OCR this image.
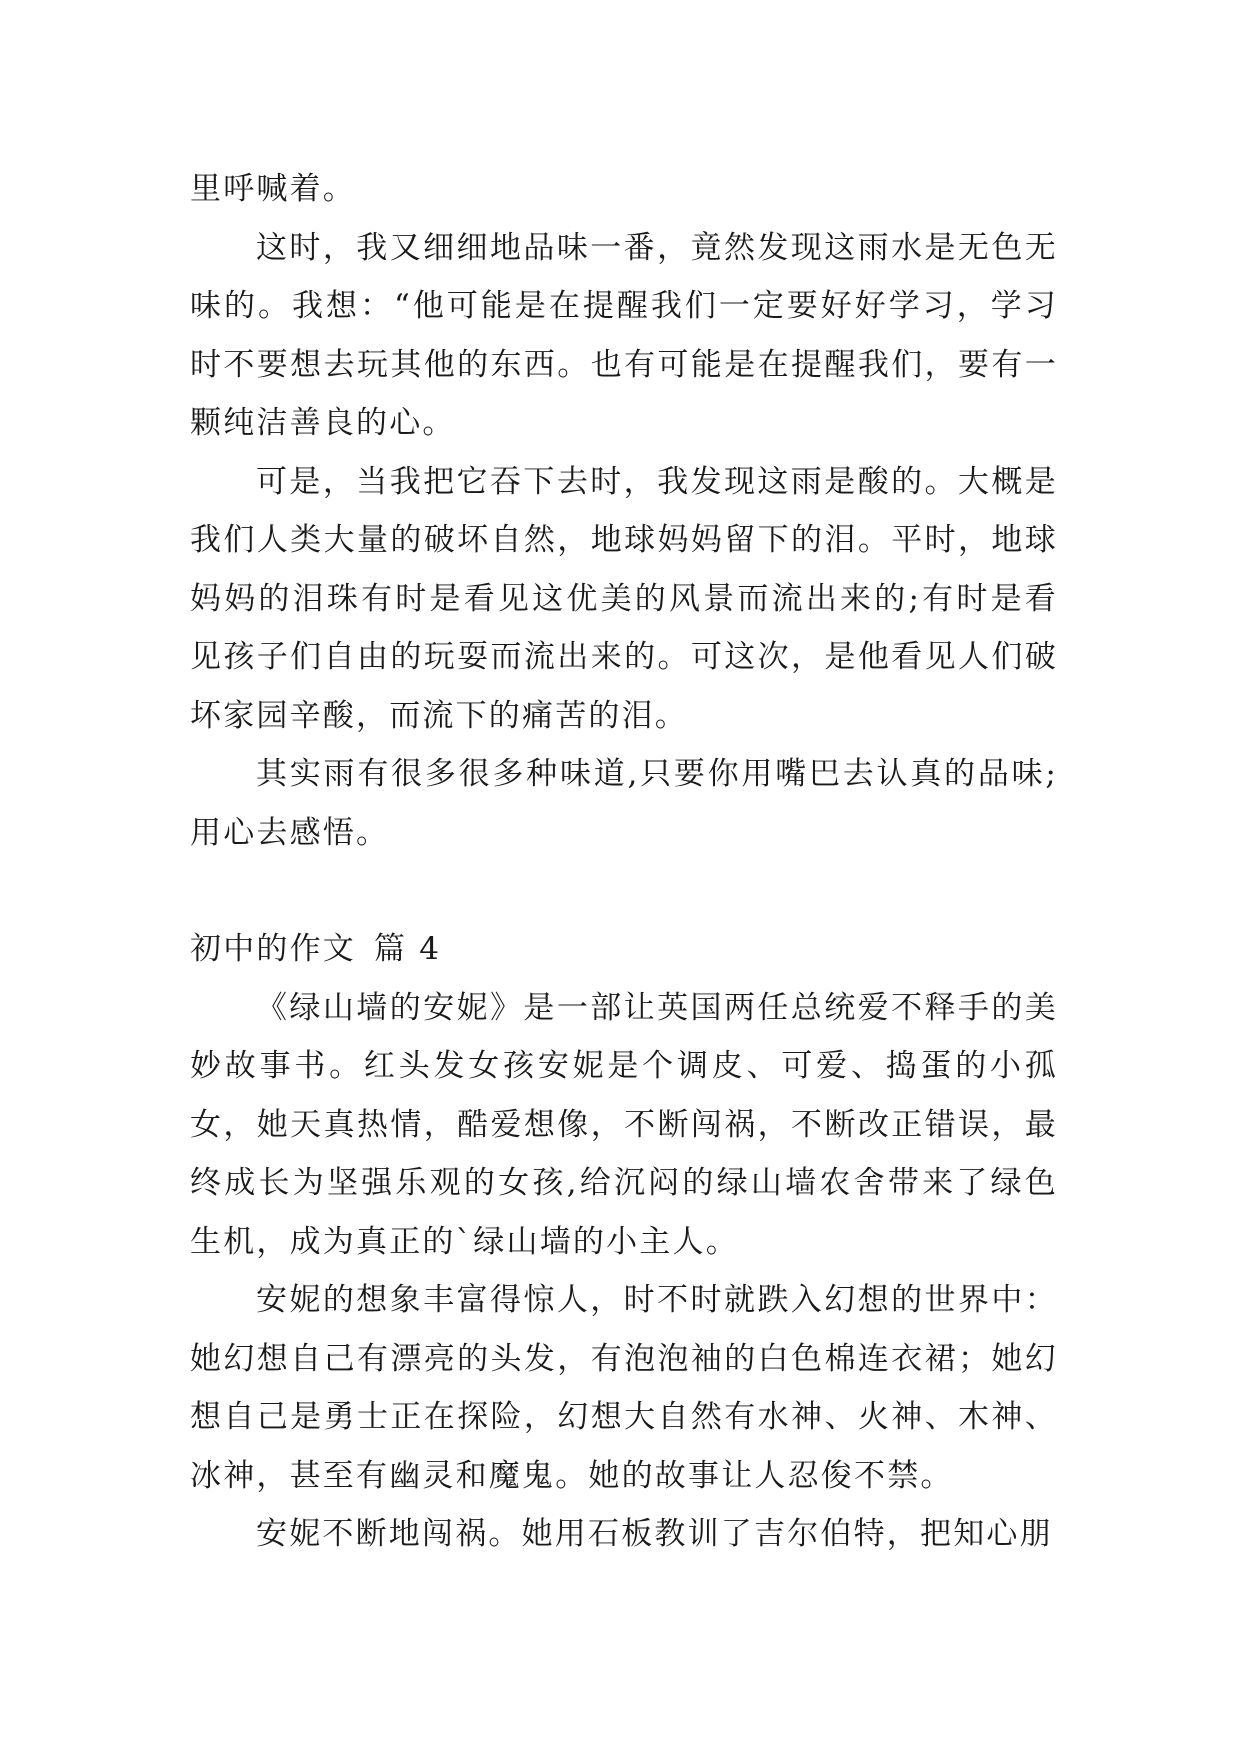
里呼喊着。

这时，我又细细地品味一番，竟然发现这雨水是无色无味的。我想：“他可能是在提醒我们一定要好好学习，学习时不要想去玩其他的东西。也有可能是在提醒我们，要有一颗纯洁善良的心。

可是，当我把它吞下去时，我发现这雨是酸的。大概是我们人类大量的破坏自然，地球妈妈留下的泪。平时，地球妈妈的泪珠有时是看见这优美的风景而流出来的;有时是看见孩子们自由的玩耍而流出来的。可这次，是他看见人们破坏家园辛酸，而流下的痛苦的泪。

其实雨有很多很多种味道,只要你用嘴巴去认真的品味;用心去感悟。

初中的作文 篇 4

《绿山墙的安妮》是一部让英国两任总统爱不释手的美妙故事书。红头发女孩安妮是个调皮、可爱、捣蛋的小孤女，她天真热情，酷爱想像，不断闯祸，不断改正错误，最终成长为坚强乐观的女孩,给沉闷的绿山墙农舍带来了绿色生机，成为真正的`绿山墙的小主人。

安妮的想象丰富得惊人，时不时就跌入幻想的世界中：她幻想自己有漂亮的头发，有泡泡袖的白色棉连衣裙；她幻想自己是勇士正在探险，幻想大自然有水神、火神、木神、冰神，甚至有幽灵和魔鬼。她的故事让人忍俊不禁。

安妮不断地闯祸。她用石板教训了吉尔伯特，把知心朋
